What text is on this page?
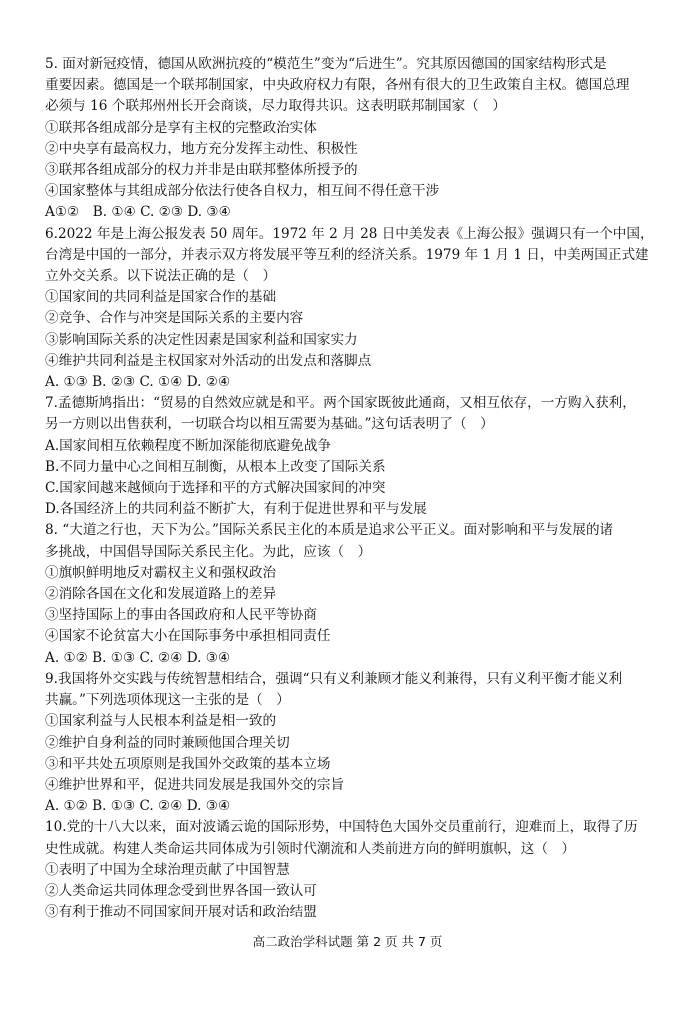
5. 面对新冠疫情，德国从欧洲抗疫的“模范生”变为“后进生”。究其原因德国的国家结构形式是
重要因素。德国是一个联邦制国家，中央政府权力有限，各州有很大的卫生政策自主权。德国总理
必须与 16 个联邦州州长开会商谈，尽力取得共识。这表明联邦制国家（　）
①联邦各组成部分是享有主权的完整政治实体
②中央享有最高权力，地方充分发挥主动性、积极性
③联邦各组成部分的权力并非是由联邦整体所授予的
④国家整体与其组成部分依法行使各自权力，相互间不得任意干涉
A①②　B. ①④ C. ②③ D. ③④
6.2022 年是上海公报发表 50 周年。1972 年 2 月 28 日中美发表《上海公报》强调只有一个中国，
台湾是中国的一部分，并表示双方将发展平等互利的经济关系。1979 年 1 月 1 日，中美两国正式建
立外交关系。以下说法正确的是（　）
①国家间的共同利益是国家合作的基础
②竞争、合作与冲突是国际关系的主要内容
③影响国际关系的决定性因素是国家利益和国家实力
④维护共同利益是主权国家对外活动的出发点和落脚点
A. ①③ B. ②③ C. ①④ D. ②④
7.孟德斯鸠指出：“贸易的自然效应就是和平。两个国家既彼此通商，又相互依存，一方购入获利，
另一方则以出售获利，一切联合均以相互需要为基础。”这句话表明了（　）
A.国家间相互依赖程度不断加深能彻底避免战争
B.不同力量中心之间相互制衡，从根本上改变了国际关系
C.国家间越来越倾向于选择和平的方式解决国家间的冲突
D.各国经济上的共同利益不断扩大，有利于促进世界和平与发展
8. “大道之行也，天下为公。”国际关系民主化的本质是追求公平正义。面对影响和平与发展的诸
多挑战，中国倡导国际关系民主化。为此，应该（　）
①旗帜鲜明地反对霸权主义和强权政治
②消除各国在文化和发展道路上的差异
③坚持国际上的事由各国政府和人民平等协商
④国家不论贫富大小在国际事务中承担相同责任
A. ①② B. ①③ C. ②④ D. ③④
9.我国将外交实践与传统智慧相结合，强调“只有义利兼顾才能义利兼得，只有义利平衡才能义利
共赢。”下列选项体现这一主张的是（　）
①国家利益与人民根本利益是相一致的
②维护自身利益的同时兼顾他国合理关切
③和平共处五项原则是我国外交政策的基本立场
④维护世界和平，促进共同发展是我国外交的宗旨
A. ①② B. ①③ C. ②④ D. ③④
10.党的十八大以来，面对波谲云诡的国际形势，中国特色大国外交员重前行，迎难而上，取得了历
史性成就。构建人类命运共同体成为引领时代潮流和人类前进方向的鲜明旗帜，这（　）
①表明了中国为全球治理贡献了中国智慧
②人类命运共同体理念受到世界各国一致认可
③有利于推动不同国家间开展对话和政治结盟
高二政治学科试题 第 2 页 共 7 页
